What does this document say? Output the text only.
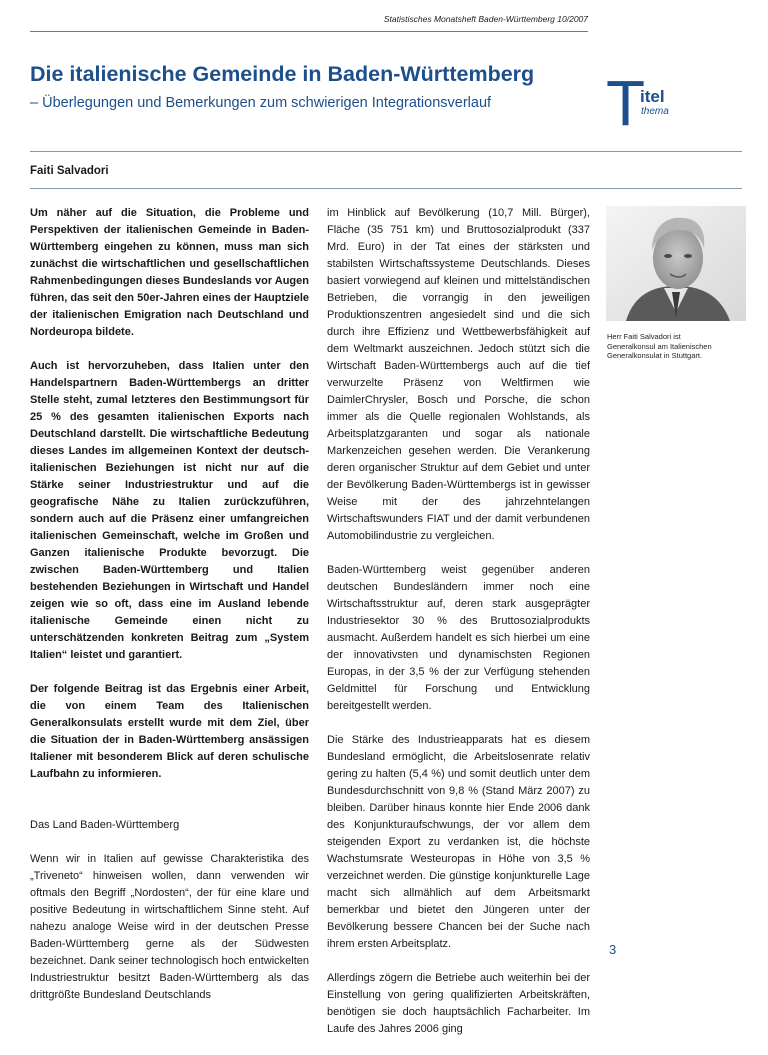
Statistisches Monatsheft Baden-Württemberg 10/2007
Die italienische Gemeinde in Baden-Württemberg
– Überlegungen und Bemerkungen zum schwierigen Integrationsverlauf T
itel
thema
Faiti Salvadori

Um näher auf die Situation, die Probleme und Perspektiven der italienischen Gemeinde in Baden-Württemberg eingehen zu können, muss man sich zunächst die wirtschaftlichen und gesellschaftlichen Rahmenbedingungen dieses Bundeslands vor Augen führen, das seit den 50er-Jahren eines der Hauptziele der italienischen Emigration nach Deutschland und Nordeuropa bildete.

Auch ist hervorzuheben, dass Italien unter den Handelspartnern Baden-Württembergs an dritter Stelle steht, zumal letzteres den Bestimmungsort für 25 % des gesamten italienischen Exports nach Deutschland darstellt. Die wirtschaftliche Bedeutung dieses Landes im allgemeinen Kontext der deutsch-italienischen Beziehungen ist nicht nur auf die Stärke seiner Industriestruktur und auf die geografische Nähe zu Italien zurückzuführen, sondern auch auf die Präsenz einer umfangreichen italienischen Gemeinschaft, welche im Großen und Ganzen italienische Produkte bevorzugt. Die zwischen Baden-Württemberg und Italien bestehenden Beziehungen in Wirtschaft und Handel zeigen wie so oft, dass eine im Ausland lebende italienische Gemeinde einen nicht zu unterschätzenden konkreten Beitrag zum „System Italien“ leistet und garantiert.

Der folgende Beitrag ist das Ergebnis einer Arbeit, die von einem Team des Italienischen Generalkonsulats erstellt wurde mit dem Ziel, über die Situation der in Baden-Württemberg ansässigen Italiener mit besonderem Blick auf deren schulische Laufbahn zu informieren.

Das Land Baden-Württemberg

Wenn wir in Italien auf gewisse Charakteristika des „Triveneto“ hinweisen wollen, dann verwenden wir oftmals den Begriff „Nordosten“, der für eine klare und positive Bedeutung in wirtschaftlichem Sinne steht. Auf nahezu analoge Weise wird in der deutschen Presse Baden-Württemberg gerne als der Südwesten bezeichnet. Dank seiner technologisch hoch entwickelten Industriestruktur besitzt Baden-Württemberg als das drittgrößte Bundesland Deutschlands

im Hinblick auf Bevölkerung (10,7 Mill. Bürger), Fläche (35 751 km) und Bruttosozialprodukt (337 Mrd. Euro) in der Tat eines der stärksten und stabilsten Wirtschaftssysteme Deutschlands. Dieses basiert vorwiegend auf kleinen und mittelständischen Betrieben, die vorrangig in den jeweiligen Produktionszentren angesiedelt sind und die sich durch ihre Effizienz und Wettbewerbsfähigkeit auf dem Weltmarkt auszeichnen. Jedoch stützt sich die Wirtschaft Baden-Württembergs auch auf die tief verwurzelte Präsenz von Weltfirmen wie DaimlerChrysler, Bosch und Porsche, die schon immer als die Quelle regionalen Wohlstands, als Arbeitsplatzgaranten und sogar als nationale Markenzeichen gesehen werden. Die Verankerung deren organischer Struktur auf dem Gebiet und unter der Bevölkerung Baden-Württembergs ist in gewisser Weise mit der des jahrzehntelangen Wirtschaftswunders FIAT und der damit verbundenen Automobilindustrie zu vergleichen.

Baden-Württemberg weist gegenüber anderen deutschen Bundesländern immer noch eine Wirtschaftsstruktur auf, deren stark ausgeprägter Industriesektor 30 % des Bruttosozialprodukts ausmacht. Außerdem handelt es sich hierbei um eine der innovativsten und dynamischsten Regionen Europas, in der 3,5 % der zur Verfügung stehenden Geldmittel für Forschung und Entwicklung bereitgestellt werden.

Die Stärke des Industrieapparats hat es diesem Bundesland ermöglicht, die Arbeitslosenrate relativ gering zu halten (5,4 %) und somit deutlich unter dem Bundesdurchschnitt von 9,8 % (Stand März 2007) zu bleiben. Darüber hinaus konnte hier Ende 2006 dank des Konjunkturaufschwungs, der vor allem dem steigenden Export zu verdanken ist, die höchste Wachstumsrate Westeuropas in Höhe von 3,5 % verzeichnet werden. Die günstige konjunkturelle Lage macht sich allmählich auf dem Arbeitsmarkt bemerkbar und bietet den Jüngeren unter der Bevölkerung bessere Chancen bei der Suche nach ihrem ersten Arbeitsplatz.

Allerdings zögern die Betriebe auch weiterhin bei der Einstellung von gering qualifizierten Arbeitskräften, benötigen sie doch hauptsächlich Facharbeiter. Im Laufe des Jahres 2006 ging

Herr Faiti Salvadori ist Generalkonsul am Italienischen Generalkonsulat in Stuttgart.
3
